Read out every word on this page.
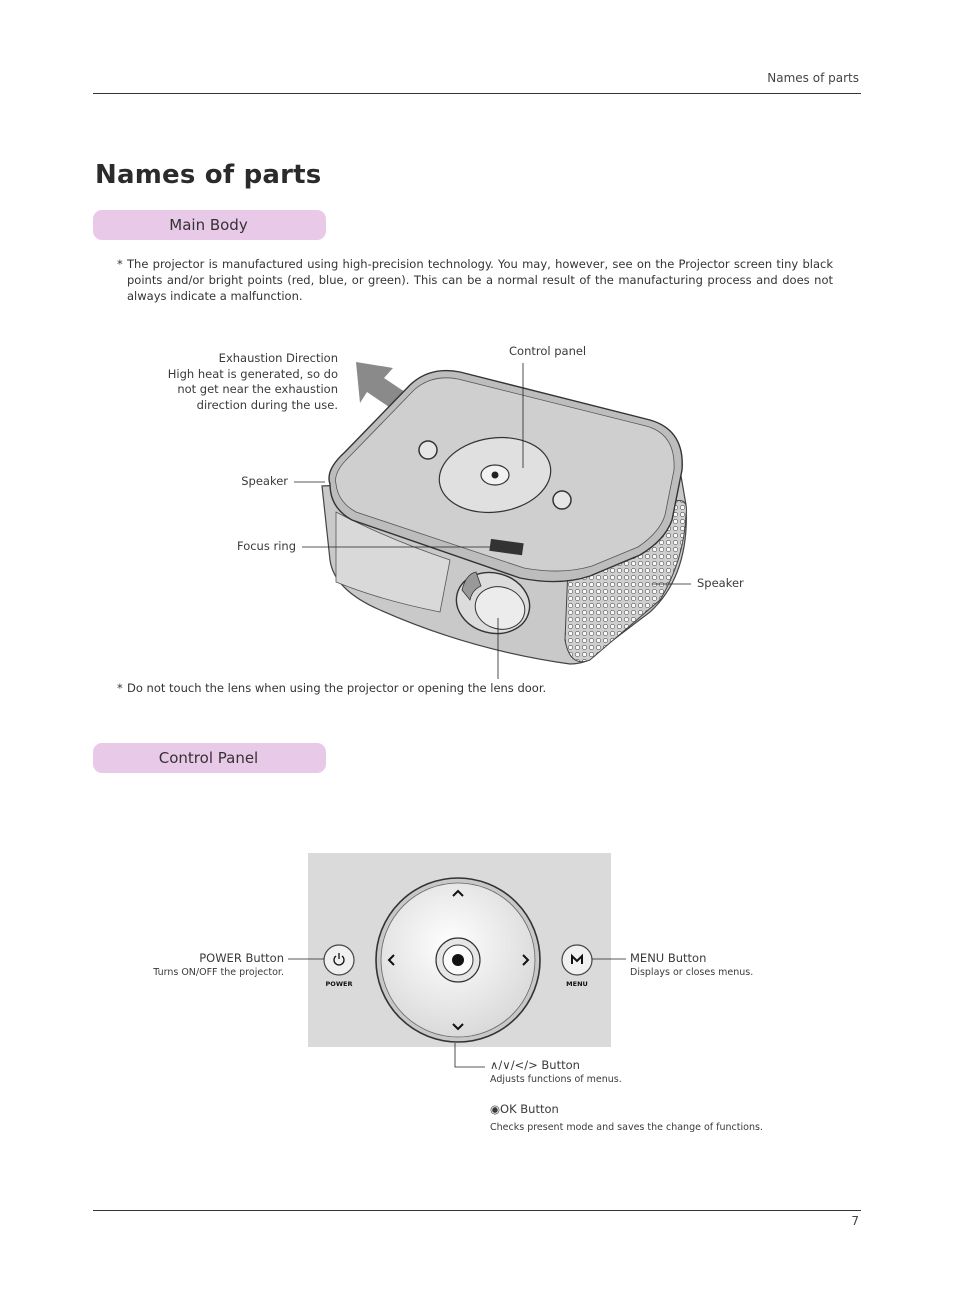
Names of parts
Names of parts
Main Body
* The projector is manufactured using high-precision technology. You may, however, see on the Projector screen tiny black points and/or bright points (red, blue, or green). This can be a normal result of the manufacturing process and does not always indicate a malfunction.
Exhaustion Direction
High heat is generated, so do
not get near the exhaustion
direction during the use.
Control panel
Speaker
Focus ring
Speaker
* Do not touch the lens when using the projector or opening the lens door.
Control Panel
POWER	MENU
POWER Button
Turns ON/OFF the projector.
MENU Button
Displays or closes menus.
∧/∨/</> Button
Adjusts functions of menus.
◉OK Button
Checks present mode and saves the change of functions.
7
